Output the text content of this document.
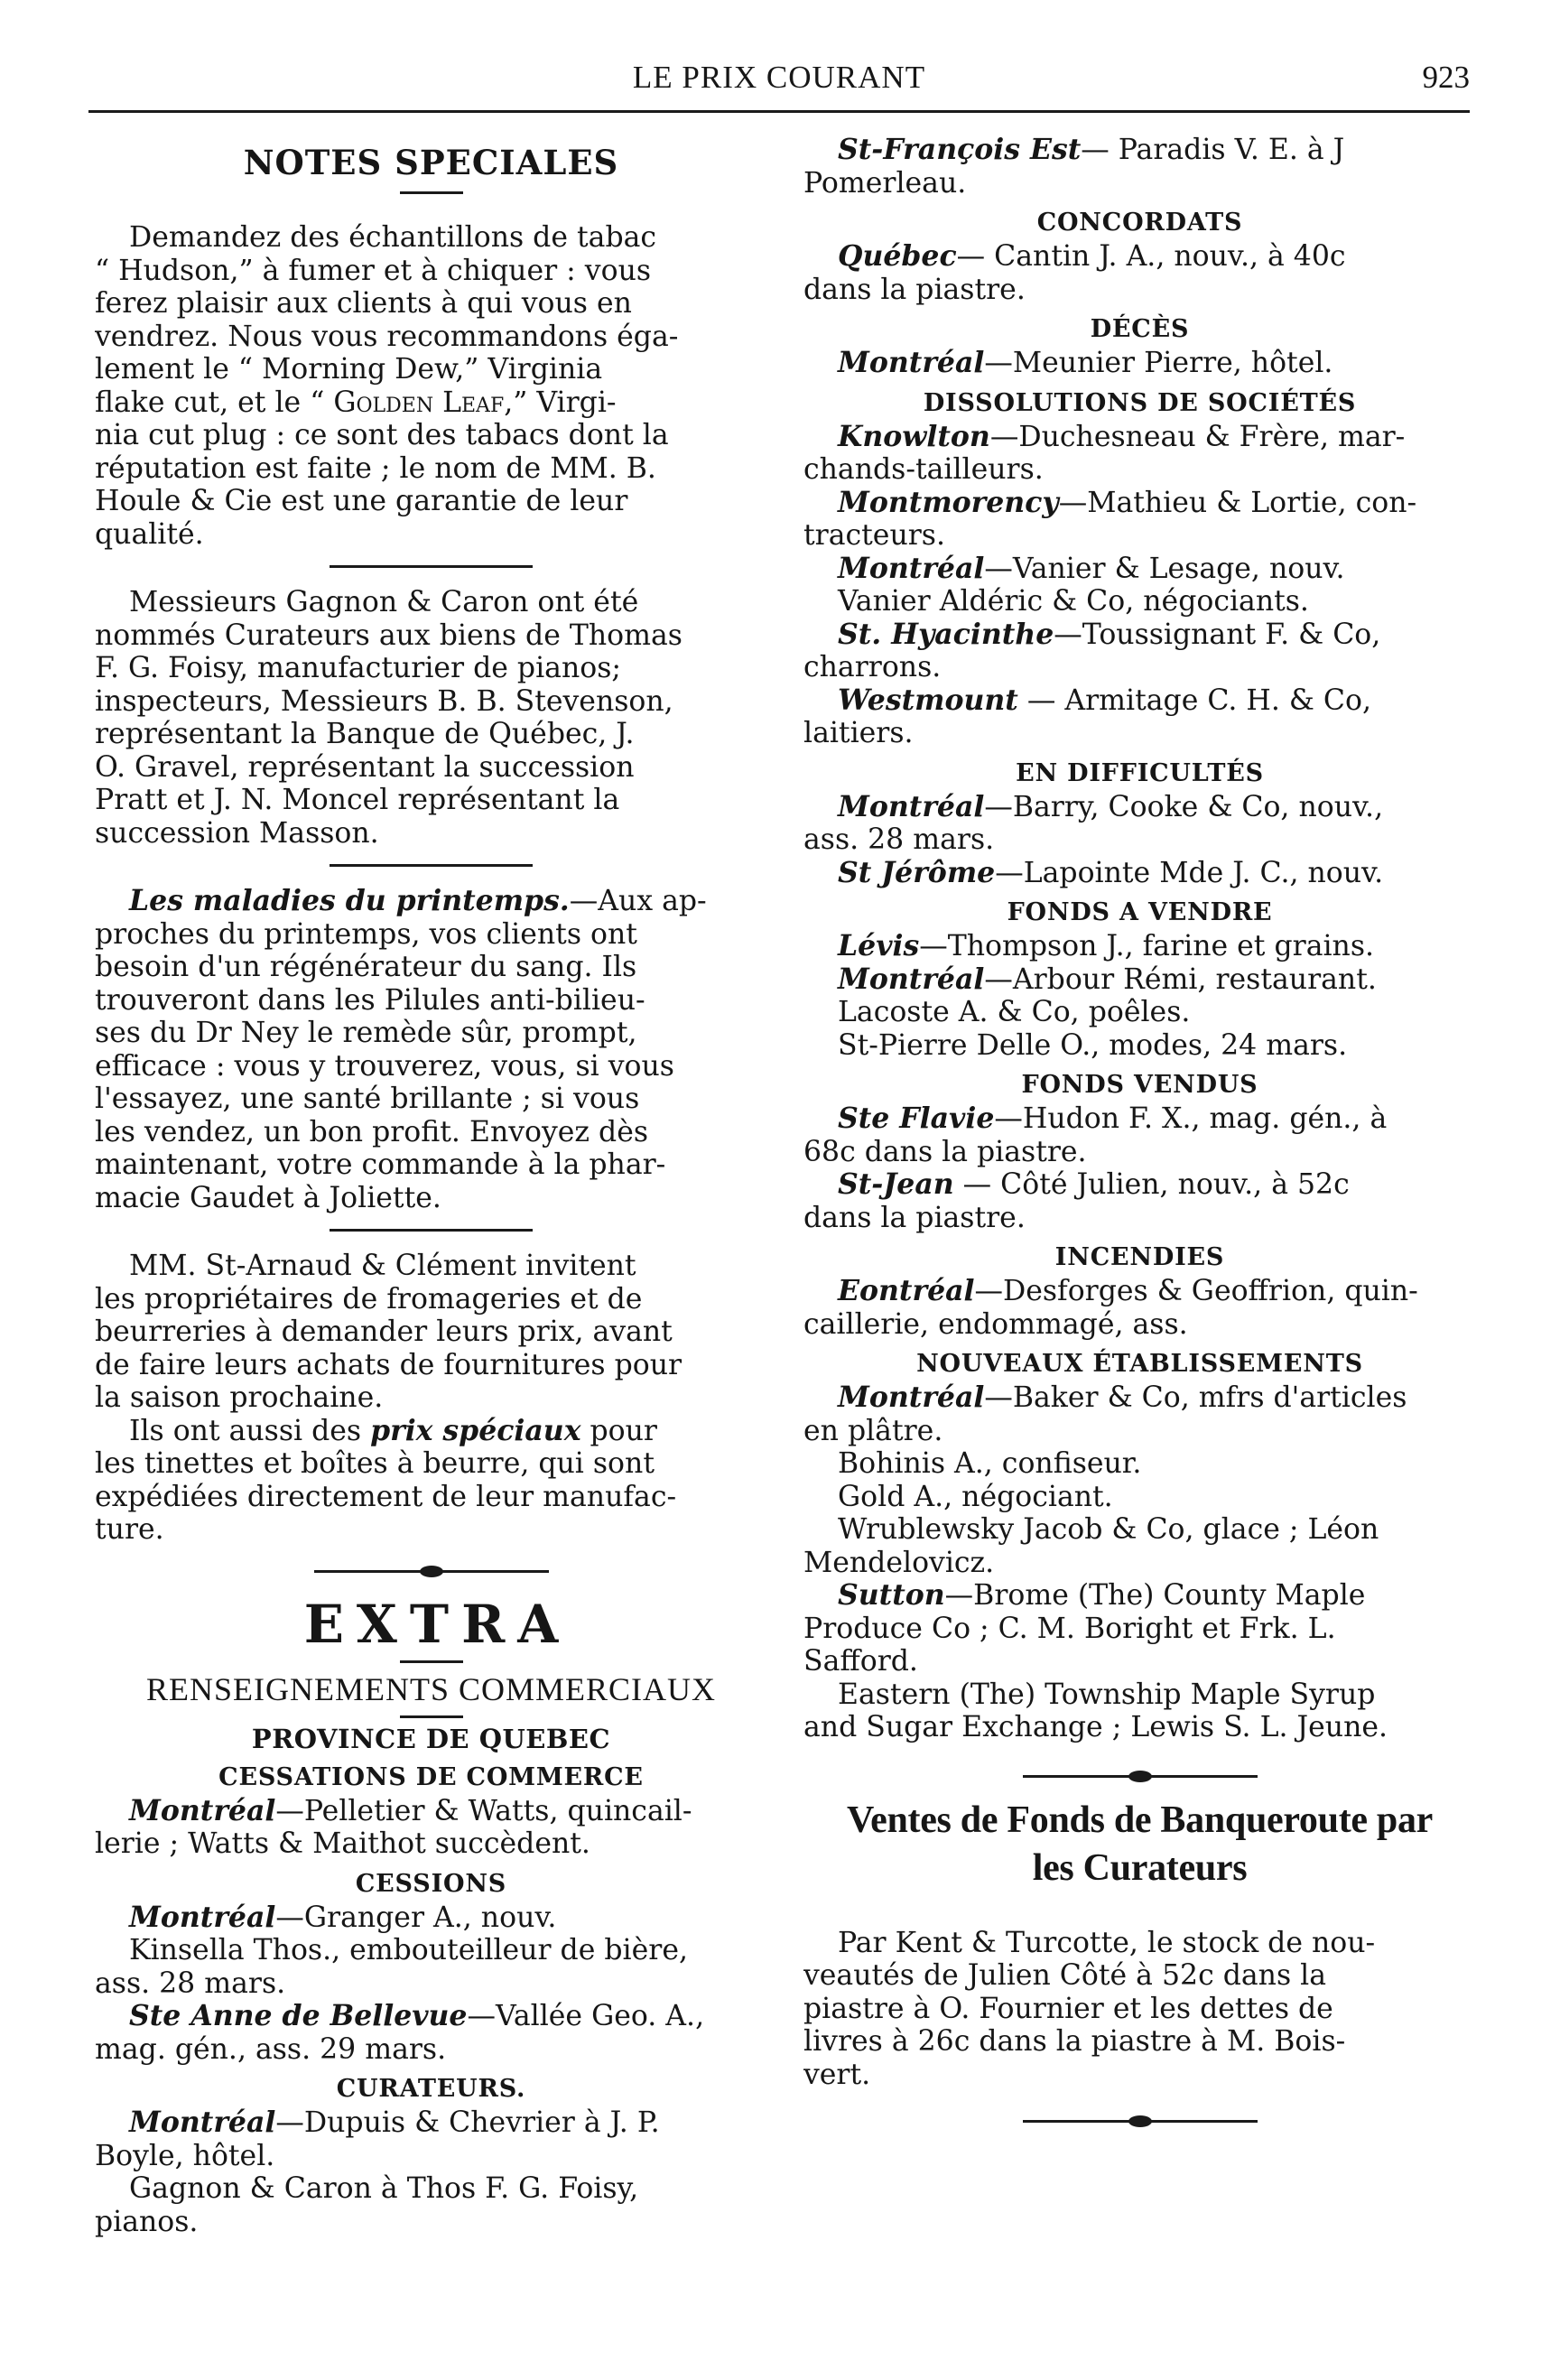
LE PRIX COURANT	923
NOTES SPECIALES

Demandez des échantillons de tabac

“ Hudson,” à fumer et à chiquer : vous

ferez plaisir aux clients à qui vous en

vendrez. Nous vous recommandons éga-

lement le “ Morning Dew,” Virginia

flake cut, et le “ Golden Leaf,” Virgi-

nia cut plug : ce sont des tabacs dont la

réputation est faite ; le nom de MM. B.

Houle & Cie est une garantie de leur

qualité.

Messieurs Gagnon & Caron ont été

nommés Curateurs aux biens de Thomas

F. G. Foisy, manufacturier de pianos;

inspecteurs, Messieurs B. B. Stevenson,

représentant la Banque de Québec, J.

O. Gravel, représentant la succession

Pratt et J. N. Moncel représentant la

succession Masson.

Les maladies du printemps.—Aux ap-

proches du printemps, vos clients ont

besoin d'un régénérateur du sang. Ils

trouveront dans les Pilules anti-bilieu-

ses du Dr Ney le remède sûr, prompt,

efficace : vous y trouverez, vous, si vous

l'essayez, une santé brillante ; si vous

les vendez, un bon profit. Envoyez dès

maintenant, votre commande à la phar-

macie Gaudet à Joliette.

MM. St-Arnaud & Clément invitent

les propriétaires de fromageries et de

beurreries à demander leurs prix, avant

de faire leurs achats de fournitures pour

la saison prochaine.

Ils ont aussi des prix spéciaux pour

les tinettes et boîtes à beurre, qui sont

expédiées directement de leur manufac-

ture.

EXTRA
RENSEIGNEMENTS COMMERCIAUX
PROVINCE DE QUEBEC
CESSATIONS DE COMMERCE

Montréal—Pelletier & Watts, quincail-

lerie ; Watts & Maithot succèdent.

CESSIONS

Montréal—Granger A., nouv.

Kinsella Thos., embouteilleur de bière,

ass. 28 mars.

Ste Anne de Bellevue—Vallée Geo. A.,

mag. gén., ass. 29 mars.

CURATEURS.

Montréal—Dupuis & Chevrier à J. P.

Boyle, hôtel.

Gagnon & Caron à Thos F. G. Foisy,

pianos.

St-François Est— Paradis V. E. à J

Pomerleau.

CONCORDATS

Québec— Cantin J. A., nouv., à 40c

dans la piastre.

DÉCÈS

Montréal—Meunier Pierre, hôtel.

DISSOLUTIONS DE SOCIÉTÉS

Knowlton—Duchesneau & Frère, mar-

chands-tailleurs.

Montmorency—Mathieu & Lortie, con-

tracteurs.

Montréal—Vanier & Lesage, nouv.

Vanier Aldéric & Co, négociants.

St. Hyacinthe—Toussignant F. & Co,

charrons.

Westmount — Armitage C. H. & Co,

laitiers.

EN DIFFICULTÉS

Montréal—Barry, Cooke & Co, nouv.,

ass. 28 mars.

St Jérôme—Lapointe Mde J. C., nouv.

FONDS A VENDRE

Lévis—Thompson J., farine et grains.

Montréal—Arbour Rémi, restaurant.

Lacoste A. & Co, poêles.

St-Pierre Delle O., modes, 24 mars.

FONDS VENDUS

Ste Flavie—Hudon F. X., mag. gén., à

68c dans la piastre.

St-Jean — Côté Julien, nouv., à 52c

dans la piastre.

INCENDIES

Eontréal—Desforges & Geoffrion, quin-

caillerie, endommagé, ass.

NOUVEAUX ÉTABLISSEMENTS

Montréal—Baker & Co, mfrs d'articles

en plâtre.

Bohinis A., confiseur.

Gold A., négociant.

Wrublewsky Jacob & Co, glace ; Léon

Mendelovicz.

Sutton—Brome (The) County Maple

Produce Co ; C. M. Boright et Frk. L.

Safford.

Eastern (The) Township Maple Syrup

and Sugar Exchange ; Lewis S. L. Jeune.

Ventes de Fonds de Banqueroute par
les Curateurs

Par Kent & Turcotte, le stock de nou-

veautés de Julien Côté à 52c dans la

piastre à O. Fournier et les dettes de

livres à 26c dans la piastre à M. Bois-

vert.
